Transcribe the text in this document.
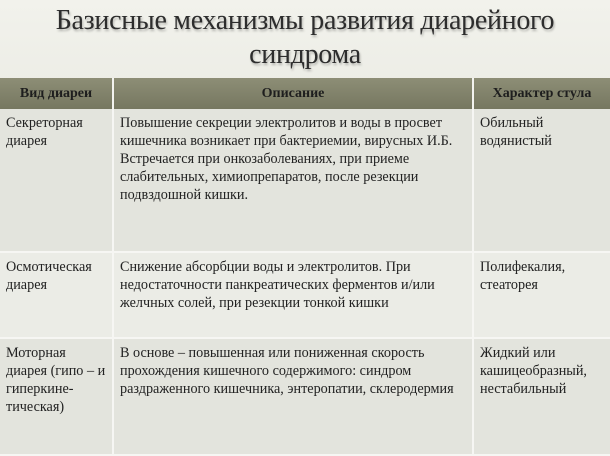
Базисные механизмы развития диарейного
синдрома
Вид диареи	Описание	Характер стула
Секреторная диарея	Повышение секреции электролитов и воды в просвет кишечника возникает при бактериемии, вирусных И.Б. Встречается при онкозаболеваниях, при приеме слабительных, химиопрепаратов, после резекции подвздошной кишки.	Обильный водянистый
Осмотическая диарея	Снижение абсорбции воды и электролитов. При недостаточности панкреатических ферментов и/или желчных солей, при резекции тонкой кишки	Полифекалия, стеаторея
Моторная диарея (гипо – и гиперкине-тическая)	В основе – повышенная или пониженная скорость прохождения кишечного содержимого: синдром раздраженного кишечника, энтеропатии, склеродермия	Жидкий или кашицеобразный, нестабильный
